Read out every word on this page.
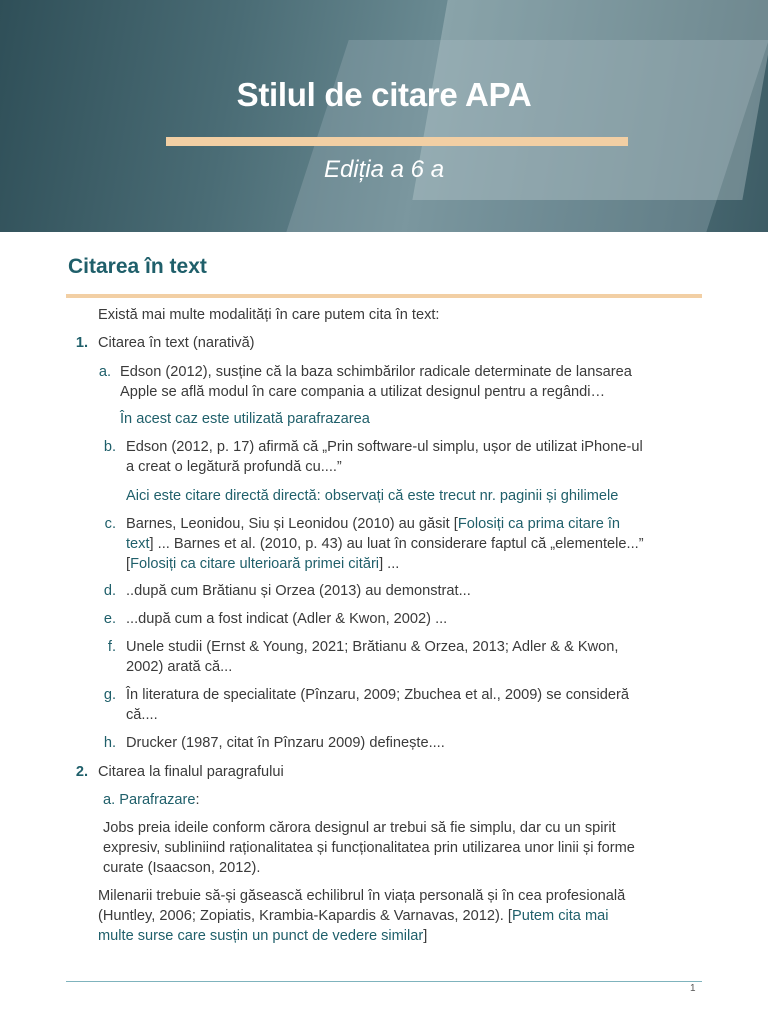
Stilul de citare APA
Ediția a 6 a
Citarea în text
Există mai multe modalități în care putem cita în text:
1. Citarea în text (narativă)
a. Edson (2012), susține că la baza schimbărilor radicale determinate de lansarea
Apple se află modul în care compania a utilizat designul pentru a regândi…
În acest caz este utilizată parafrazarea
b. Edson (2012, p. 17) afirmă că „Prin software-ul simplu, ușor de utilizat iPhone-ul
a creat o legătură profundă cu....”
Aici este citare directă directă: observați că este trecut nr. paginii și ghilimele
c. Barnes, Leonidou, Siu și Leonidou (2010) au găsit [Folosiți ca prima citare în
text] ... Barnes et al. (2010, p. 43) au luat în considerare faptul că „elementele...”
[Folosiți ca citare ulterioară primei citări] ...
d. ..după cum Brătianu și Orzea (2013) au demonstrat...
e. ...după cum a fost indicat (Adler & Kwon, 2002) ...
f. Unele studii (Ernst & Young, 2021; Brătianu & Orzea, 2013; Adler & & Kwon,
2002) arată că...
g. În literatura de specialitate (Pînzaru, 2009; Zbuchea et al., 2009) se consideră
că....
h. Drucker (1987, citat în Pînzaru 2009) definește....
2. Citarea la finalul paragrafului
a. Parafrazare:
Jobs preia ideile conform cărora designul ar trebui să fie simplu, dar cu un spirit
expresiv, subliniind raționalitatea și funcționalitatea prin utilizarea unor linii și forme
curate (Isaacson, 2012).
Milenarii trebuie să-și găsească echilibrul în viața personală și în cea profesională
(Huntley, 2006; Zopiatis, Krambia-Kapardis & Varnavas, 2012). [Putem cita mai
multe surse care susțin un punct de vedere similar]
1
